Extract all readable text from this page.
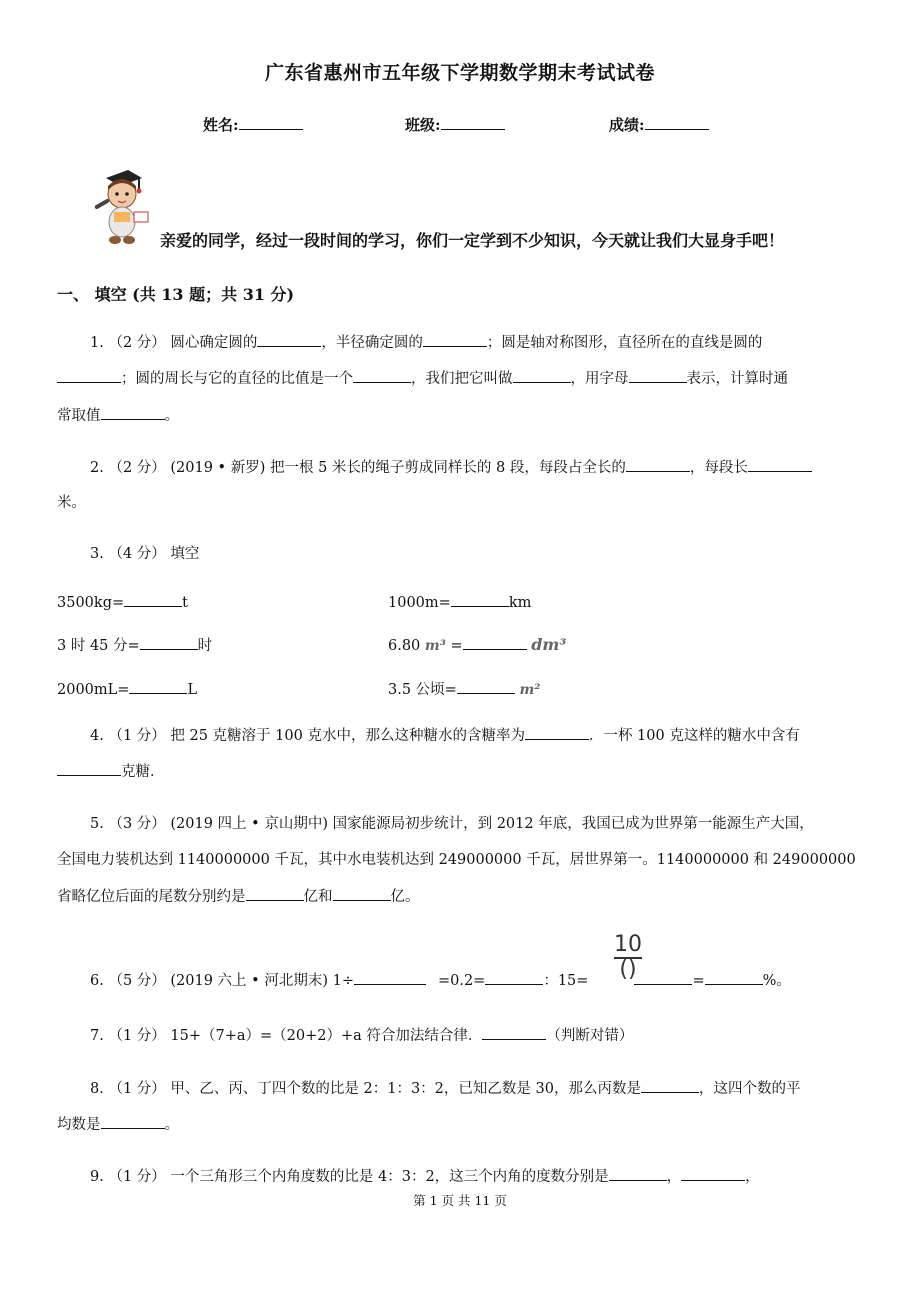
广东省惠州市五年级下学期数学期末考试试卷
姓名:	班级:	成绩:
亲爱的同学，经过一段时间的学习，你们一定学到不少知识，今天就让我们大显身手吧！
一、 填空 (共 13 题；共 31 分)
1. （2 分） 圆心确定圆的	，半径确定圆的	；圆是轴对称图形，直径所在的直线是圆的
；圆的周长与它的直径的比值是一个	，我们把它叫做	，用字母	表示，计算时通
常取值	。
2. （2 分） (2019 • 新罗) 把一根 5 米长的绳子剪成同样长的 8 段，每段占全长的	，每段长
米。
3. （4 分） 填空
3500kg=	t	1000m=	km
3 时 45 分=	时	6.80 m³ =	dm³
2000mL=	L	3.5 公顷=	m²
4. （1 分） 把 25 克糖溶于 100 克水中，那么这种糖水的含糖率为	．一杯 100 克这样的糖水中含有
克糖．
5. （3 分） (2019 四上 • 京山期中) 国家能源局初步统计，到 2012 年底，我国已成为世界第一能源生产大国，
全国电力装机达到 1140000000 千瓦，其中水电装机达到 249000000 千瓦，居世界第一。1140000000 和 249000000
省略亿位后面的尾数分别约是	亿和	亿。
6. （5 分） (2019 六上 • 河北期末) 1÷	=0.2=	：15=	=	%。
10
()
7. （1 分） 15+（7+a）=（20+2）+a 符合加法结合律．	（判断对错）
8. （1 分） 甲、乙、丙、丁四个数的比是 2：1：3：2，已知乙数是 30，那么丙数是	，这四个数的平
均数是	。
9. （1 分） 一个三角形三个内角度数的比是 4：3：2，这三个内角的度数分别是	，	，
第 1 页 共 11 页
